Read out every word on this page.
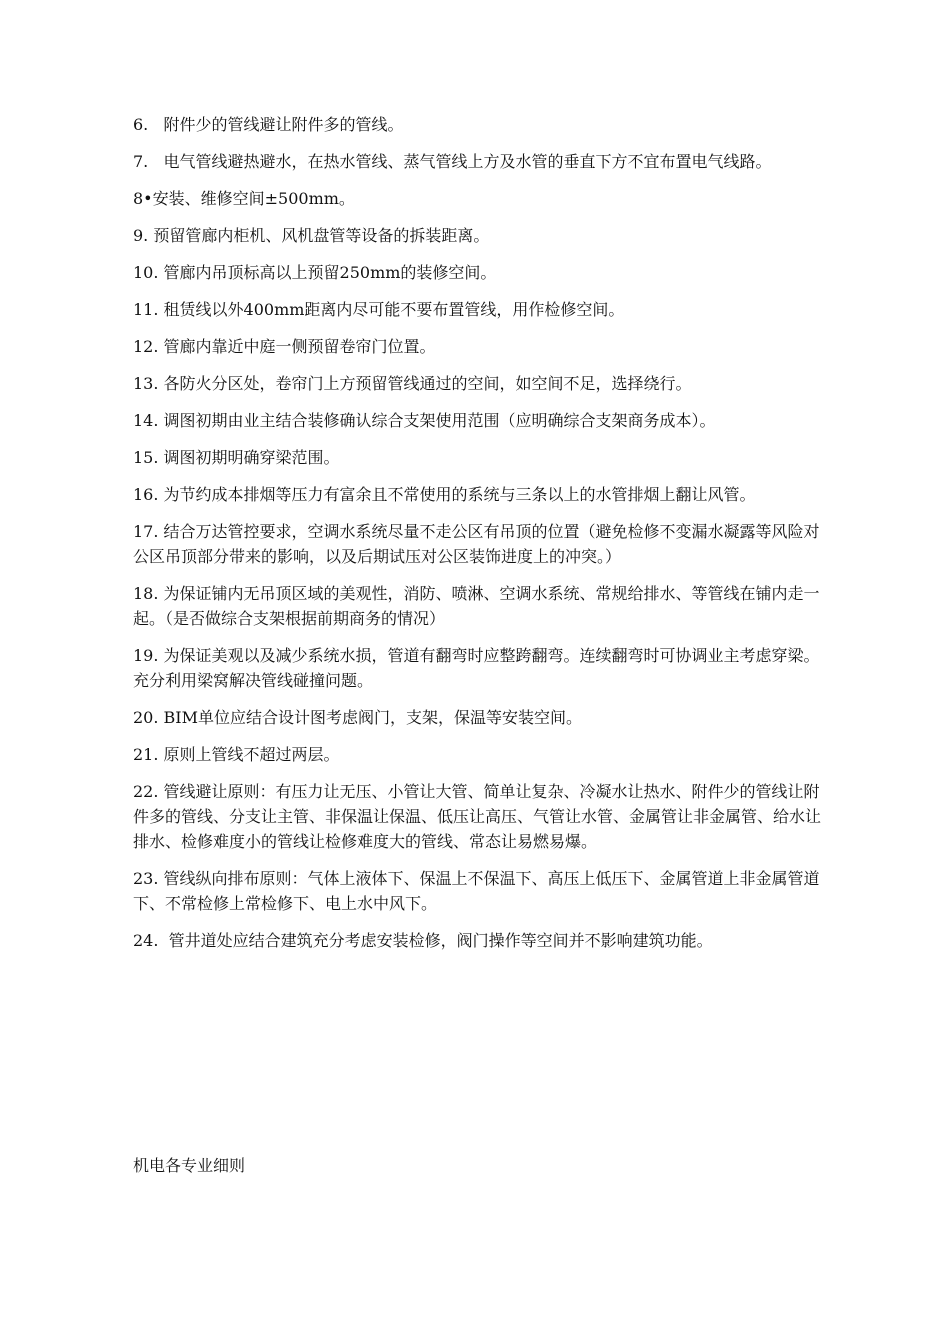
6.   附件少的管线避让附件多的管线。

7.   电气管线避热避水，在热水管线、蒸气管线上方及水管的垂直下方不宜布置电气线路。

8•安装、维修空间±500mm。

9. 预留管廊内柜机、风机盘管等设备的拆装距离。

10. 管廊内吊顶标高以上预留250mm的装修空间。

11. 租赁线以外400mm距离内尽可能不要布置管线，用作检修空间。

12. 管廊内靠近中庭一侧预留卷帘门位置。

13. 各防火分区处，卷帘门上方预留管线通过的空间，如空间不足，选择绕行。

14. 调图初期由业主结合装修确认综合支架使用范围（应明确综合支架商务成本）。

15. 调图初期明确穿梁范围。

16. 为节约成本排烟等压力有富余且不常使用的系统与三条以上的水管排烟上翻让风管。

17. 结合万达管控要求，空调水系统尽量不走公区有吊顶的位置（避免检修不变漏水凝露等风险对公区吊顶部分带来的影响，以及后期试压对公区装饰进度上的冲突。）

18. 为保证铺内无吊顶区域的美观性，消防、喷淋、空调水系统、常规给排水、等管线在铺内走一起。（是否做综合支架根据前期商务的情况）

19. 为保证美观以及减少系统水损，管道有翻弯时应整跨翻弯。连续翻弯时可协调业主考虑穿梁。充分利用梁窝解决管线碰撞问题。

20. BIM单位应结合设计图考虑阀门，支架，保温等安装空间。

21. 原则上管线不超过两层。

22. 管线避让原则：有压力让无压、小管让大管、简单让复杂、冷凝水让热水、附件少的管线让附件多的管线、分支让主管、非保温让保温、低压让高压、气管让水管、金属管让非金属管、给水让排水、检修难度小的管线让检修难度大的管线、常态让易燃易爆。

23. 管线纵向排布原则：气体上液体下、保温上不保温下、高压上低压下、金属管道上非金属管道下、不常检修上常检修下、电上水中风下。

24.  管井道处应结合建筑充分考虑安装检修，阀门操作等空间并不影响建筑功能。

机电各专业细则
